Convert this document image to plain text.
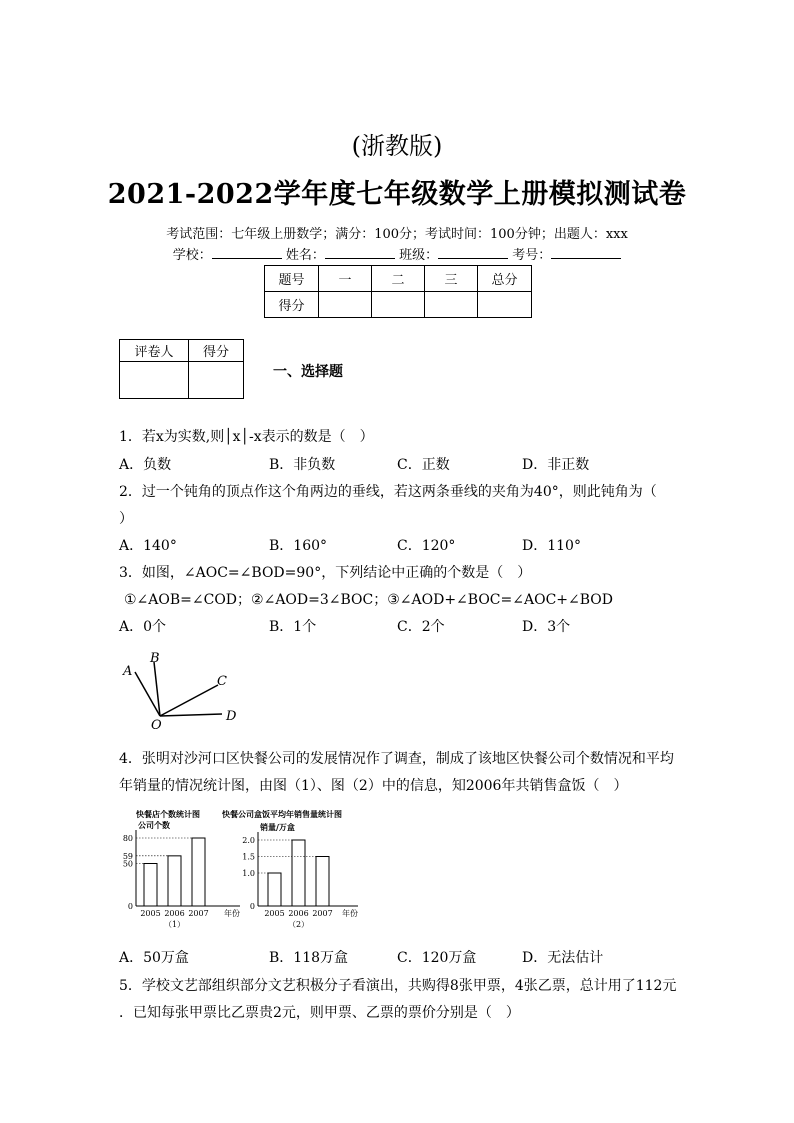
(浙教版)
2021-2022学年度七年级数学上册模拟测试卷
考试范围：七年级上册数学；满分：100分；考试时间：100分钟；出题人：xxx
学校：	姓名：	班级：	考号：
题号	一	二	三	总分
得分				
评卷人	得分

一、选择题
1．若x为实数,则│x│-x表示的数是（　）
A．负数	B．非负数	C．正数	D．非正数
2．过一个钝角的顶点作这个角两边的垂线，若这两条垂线的夹角为40°，则此钝角为（
）
A．140°	B．160°	C．120°	D．110°
3．如图，∠AOC=∠BOD=90°，下列结论中正确的个数是（　）
①∠AOB=∠COD；②∠AOD=3∠BOC；③∠AOD+∠BOC=∠AOC+∠BOD
A．0个	B．1个	C．2个	D．3个
A
B
C
O
D
4．张明对沙河口区快餐公司的发展情况作了调查，制成了该地区快餐公司个数情况和平均
年销量的情况统计图，由图（1）、图（2）中的信息，知2006年共销售盒饭（　）
快餐店个数统计图	快餐公司盒饭平均年销售量统计图
公司个数
年份
0
50
59
80
2005 2006 2007
（1）
销量/万盒
年份
0
1.0
1.5
2.0
2005 2006 2007
（2）
A．50万盒	B．118万盒	C．120万盒	D．无法估计
5．学校文艺部组织部分文艺积极分子看演出，共购得8张甲票，4张乙票，总计用了112元
．已知每张甲票比乙票贵2元，则甲票、乙票的票价分别是（　）
